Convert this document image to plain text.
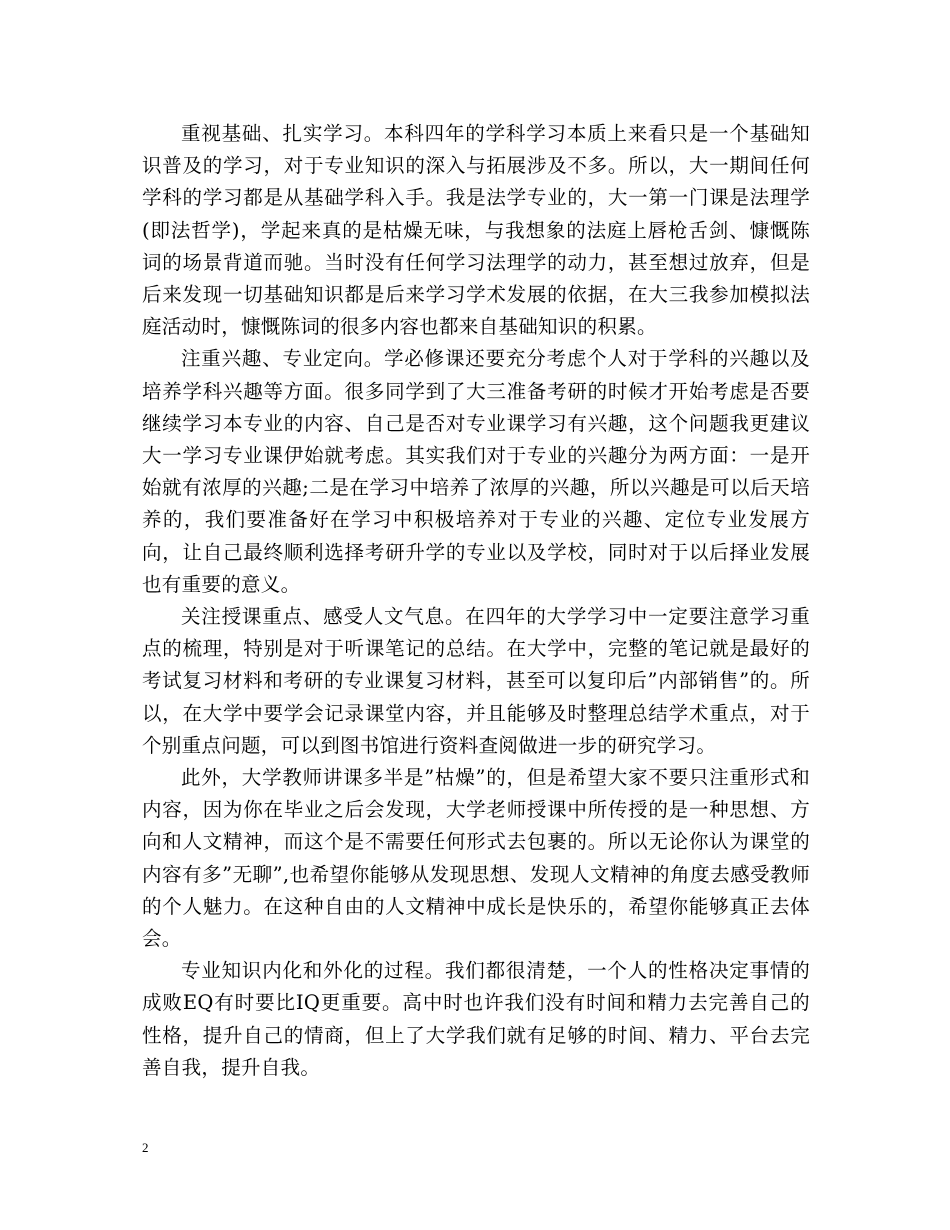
重视基础、扎实学习。本科四年的学科学习本质上来看只是一个基础知识普及的学习，对于专业知识的深入与拓展涉及不多。所以，大一期间任何学科的学习都是从基础学科入手。我是法学专业的，大一第一门课是法理学(即法哲学)，学起来真的是枯燥无味，与我想象的法庭上唇枪舌剑、慷慨陈词的场景背道而驰。当时没有任何学习法理学的动力，甚至想过放弃，但是后来发现一切基础知识都是后来学习学术发展的依据，在大三我参加模拟法庭活动时，慷慨陈词的很多内容也都来自基础知识的积累。

注重兴趣、专业定向。学必修课还要充分考虑个人对于学科的兴趣以及培养学科兴趣等方面。很多同学到了大三准备考研的时候才开始考虑是否要继续学习本专业的内容、自己是否对专业课学习有兴趣，这个问题我更建议大一学习专业课伊始就考虑。其实我们对于专业的兴趣分为两方面：一是开始就有浓厚的兴趣;二是在学习中培养了浓厚的兴趣，所以兴趣是可以后天培养的，我们要准备好在学习中积极培养对于专业的兴趣、定位专业发展方向，让自己最终顺利选择考研升学的专业以及学校，同时对于以后择业发展也有重要的意义。

关注授课重点、感受人文气息。在四年的大学学习中一定要注意学习重点的梳理，特别是对于听课笔记的总结。在大学中，完整的笔记就是最好的考试复习材料和考研的专业课复习材料，甚至可以复印后”内部销售”的。所以，在大学中要学会记录课堂内容，并且能够及时整理总结学术重点，对于个别重点问题，可以到图书馆进行资料查阅做进一步的研究学习。

此外，大学教师讲课多半是”枯燥”的，但是希望大家不要只注重形式和内容，因为你在毕业之后会发现，大学老师授课中所传授的是一种思想、方向和人文精神，而这个是不需要任何形式去包裹的。所以无论你认为课堂的内容有多”无聊”,也希望你能够从发现思想、发现人文精神的角度去感受教师的个人魅力。在这种自由的人文精神中成长是快乐的，希望你能够真正去体会。

专业知识内化和外化的过程。我们都很清楚，一个人的性格决定事情的成败EQ有时要比IQ更重要。高中时也许我们没有时间和精力去完善自己的性格，提升自己的情商，但上了大学我们就有足够的时间、精力、平台去完善自我，提升自我。

2
